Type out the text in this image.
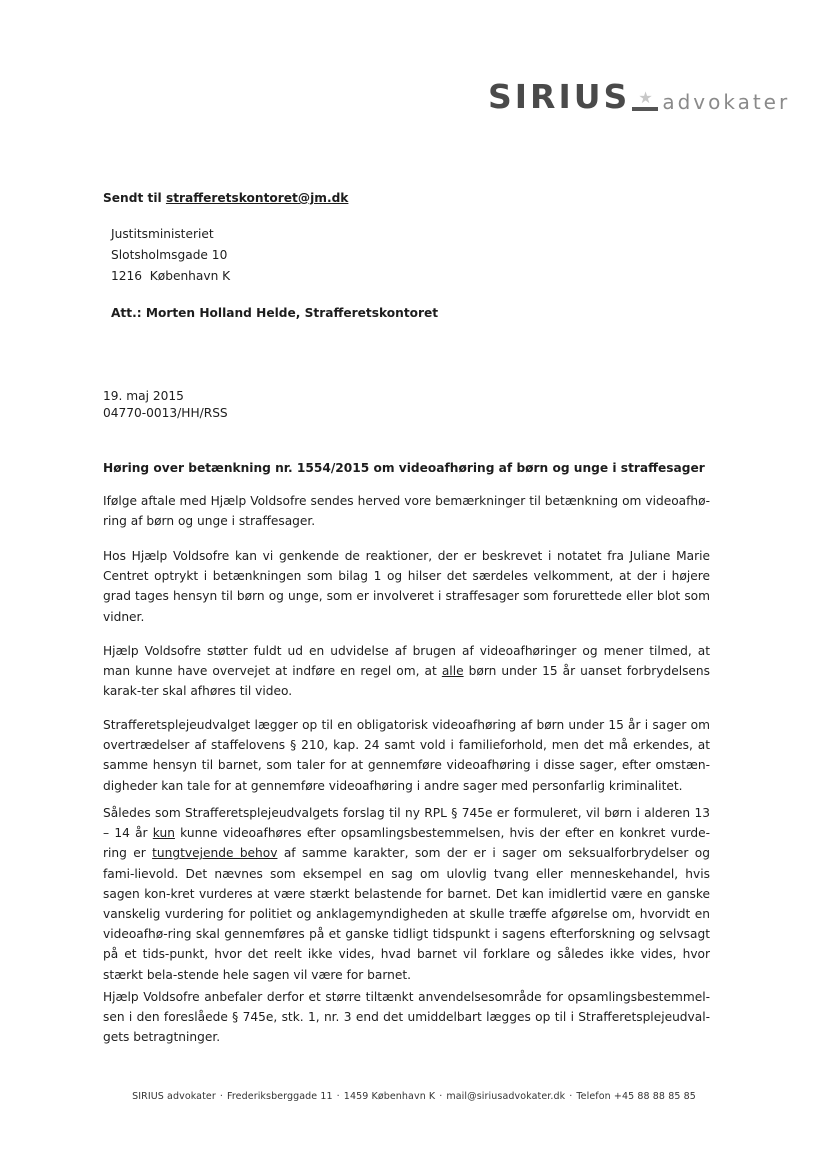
SIRIUS ★ advokater
Sendt til strafferetskontoret@jm.dk
Justitsministeriet
Slotsholmsgade 10
1216  København K
Att.: Morten Holland Helde, Strafferetskontoret
19. maj 2015
04770-0013/HH/RSS
Høring over betænkning nr. 1554/2015 om videoafhøring af børn og unge i straffesager
Ifølge aftale med Hjælp Voldsofre sendes herved vore bemærkninger til betænkning om videoafhø-ring af børn og unge i straffesager.
Hos Hjælp Voldsofre kan vi genkende de reaktioner, der er beskrevet i notatet fra Juliane Marie Centret optrykt i betænkningen som bilag 1 og hilser det særdeles velkomment, at der i højere grad tages hensyn til børn og unge, som er involveret i straffesager som forurettede eller blot som vidner.
Hjælp Voldsofre støtter fuldt ud en udvidelse af brugen af videoafhøringer og mener tilmed, at man kunne have overvejet at indføre en regel om, at alle børn under 15 år uanset forbrydelsens karak-ter skal afhøres til video.
Strafferetsplejeudvalget lægger op til en obligatorisk videoafhøring af børn under 15 år i sager om overtrædelser af staffelovens § 210, kap. 24 samt vold i familieforhold, men det må erkendes, at samme hensyn til barnet, som taler for at gennemføre videoafhøring i disse sager, efter omstæn-digheder kan tale for at gennemføre videoafhøring i andre sager med personfarlig kriminalitet.
Således som Strafferetsplejeudvalgets forslag til ny RPL § 745e er formuleret, vil børn i alderen 13 – 14 år kun kunne videoafhøres efter opsamlingsbestemmelsen, hvis der efter en konkret vurde-ring er tungtvejende behov af samme karakter, som der er i sager om seksualforbrydelser og fami-lievold. Det nævnes som eksempel en sag om ulovlig tvang eller menneskehandel, hvis sagen kon-kret vurderes at være stærkt belastende for barnet. Det kan imidlertid være en ganske vanskelig vurdering for politiet og anklagemyndigheden at skulle træffe afgørelse om, hvorvidt en videoafhø-ring skal gennemføres på et ganske tidligt tidspunkt i sagens efterforskning og selvsagt på et tids-punkt, hvor det reelt ikke vides, hvad barnet vil forklare og således ikke vides, hvor stærkt bela-stende hele sagen vil være for barnet.
Hjælp Voldsofre anbefaler derfor et større tiltænkt anvendelsesområde for opsamlingsbestemmel-sen i den foreslåede § 745e, stk. 1, nr. 3 end det umiddelbart lægges op til i Strafferetsplejeudval-gets betragtninger.
SIRIUS advokater · Frederiksberggade 11 · 1459 København K · mail@siriusadvokater.dk · Telefon +45 88 88 85 85
